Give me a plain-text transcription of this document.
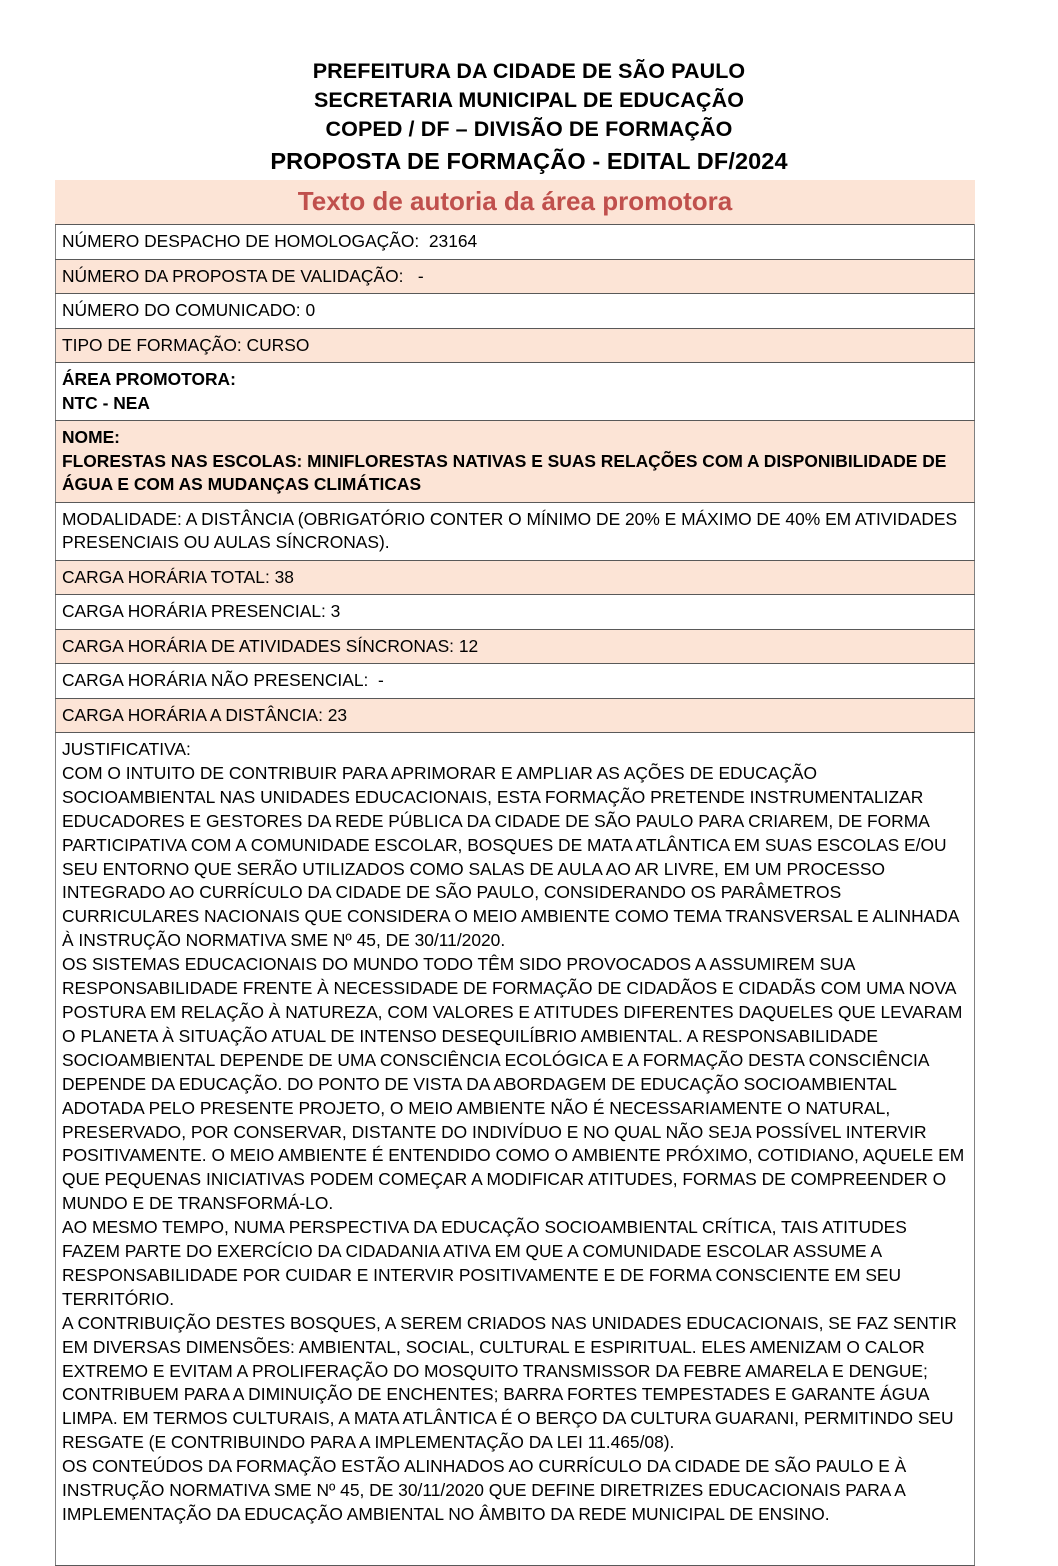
PREFEITURA DA CIDADE DE SÃO PAULO
SECRETARIA MUNICIPAL DE EDUCAÇÃO
COPED / DF – DIVISÃO DE FORMAÇÃO
PROPOSTA DE FORMAÇÃO - EDITAL DF/2024
Texto de autoria da área promotora
NÚMERO DESPACHO DE HOMOLOGAÇÃO:  23164

NÚMERO DA PROPOSTA DE VALIDAÇÃO:   -

NÚMERO DO COMUNICADO: 0

TIPO DE FORMAÇÃO: CURSO

ÁREA PROMOTORA:
NTC - NEA

NOME:
FLORESTAS NAS ESCOLAS: MINIFLORESTAS NATIVAS E SUAS RELAÇÕES COM A DISPONIBILIDADE DE ÁGUA E COM AS MUDANÇAS CLIMÁTICAS

MODALIDADE: A DISTÂNCIA (OBRIGATÓRIO CONTER O MÍNIMO DE 20% E MÁXIMO DE 40% EM ATIVIDADES PRESENCIAIS OU AULAS SÍNCRONAS).

CARGA HORÁRIA TOTAL: 38

CARGA HORÁRIA PRESENCIAL: 3

CARGA HORÁRIA DE ATIVIDADES SÍNCRONAS: 12

CARGA HORÁRIA NÃO PRESENCIAL:  -

CARGA HORÁRIA A DISTÂNCIA: 23

JUSTIFICATIVA:
COM O INTUITO DE CONTRIBUIR PARA APRIMORAR E AMPLIAR AS AÇÕES DE EDUCAÇÃO SOCIOAMBIENTAL NAS UNIDADES EDUCACIONAIS, ESTA FORMAÇÃO PRETENDE INSTRUMENTALIZAR EDUCADORES E GESTORES DA REDE PÚBLICA DA CIDADE DE SÃO PAULO PARA CRIAREM, DE FORMA PARTICIPATIVA COM A COMUNIDADE ESCOLAR, BOSQUES DE MATA ATLÂNTICA EM SUAS ESCOLAS E/OU SEU ENTORNO QUE SERÃO UTILIZADOS COMO SALAS DE AULA AO AR LIVRE, EM UM PROCESSO INTEGRADO AO CURRÍCULO DA CIDADE DE SÃO PAULO, CONSIDERANDO OS PARÂMETROS CURRICULARES NACIONAIS QUE CONSIDERA O MEIO AMBIENTE COMO TEMA TRANSVERSAL E ALINHADA À INSTRUÇÃO NORMATIVA SME Nº 45, DE 30/11/2020.
OS SISTEMAS EDUCACIONAIS DO MUNDO TODO TÊM SIDO PROVOCADOS A ASSUMIREM SUA RESPONSABILIDADE FRENTE À NECESSIDADE DE FORMAÇÃO DE CIDADÃOS E CIDADÃS COM UMA NOVA POSTURA EM RELAÇÃO À NATUREZA, COM VALORES E ATITUDES DIFERENTES DAQUELES QUE LEVARAM O PLANETA À SITUAÇÃO ATUAL DE INTENSO DESEQUILÍBRIO AMBIENTAL. A RESPONSABILIDADE SOCIOAMBIENTAL DEPENDE DE UMA CONSCIÊNCIA ECOLÓGICA E A FORMAÇÃO DESTA CONSCIÊNCIA DEPENDE DA EDUCAÇÃO. DO PONTO DE VISTA DA ABORDAGEM DE EDUCAÇÃO SOCIOAMBIENTAL ADOTADA PELO PRESENTE PROJETO, O MEIO AMBIENTE NÃO É NECESSARIAMENTE O NATURAL, PRESERVADO, POR CONSERVAR, DISTANTE DO INDIVÍDUO E NO QUAL NÃO SEJA POSSÍVEL INTERVIR POSITIVAMENTE. O MEIO AMBIENTE É ENTENDIDO COMO O AMBIENTE PRÓXIMO, COTIDIANO, AQUELE EM QUE PEQUENAS INICIATIVAS PODEM COMEÇAR A MODIFICAR ATITUDES, FORMAS DE COMPREENDER O MUNDO E DE TRANSFORMÁ-LO.
AO MESMO TEMPO, NUMA PERSPECTIVA DA EDUCAÇÃO SOCIOAMBIENTAL CRÍTICA, TAIS ATITUDES FAZEM PARTE DO EXERCÍCIO DA CIDADANIA ATIVA EM QUE A COMUNIDADE ESCOLAR ASSUME A RESPONSABILIDADE POR CUIDAR E INTERVIR POSITIVAMENTE E DE FORMA CONSCIENTE EM SEU TERRITÓRIO.
A CONTRIBUIÇÃO DESTES BOSQUES, A SEREM CRIADOS NAS UNIDADES EDUCACIONAIS, SE FAZ SENTIR EM DIVERSAS DIMENSÕES: AMBIENTAL, SOCIAL, CULTURAL E ESPIRITUAL. ELES AMENIZAM O CALOR EXTREMO E EVITAM A PROLIFERAÇÃO DO MOSQUITO TRANSMISSOR DA FEBRE AMARELA E DENGUE; CONTRIBUEM PARA A DIMINUIÇÃO DE ENCHENTES; BARRA FORTES TEMPESTADES E GARANTE ÁGUA LIMPA. EM TERMOS CULTURAIS, A MATA ATLÂNTICA É O BERÇO DA CULTURA GUARANI, PERMITINDO SEU RESGATE (E CONTRIBUINDO PARA A IMPLEMENTAÇÃO DA LEI 11.465/08).
OS CONTEÚDOS DA FORMAÇÃO ESTÃO ALINHADOS AO CURRÍCULO DA CIDADE DE SÃO PAULO E À INSTRUÇÃO NORMATIVA SME Nº 45, DE 30/11/2020 QUE DEFINE DIRETRIZES EDUCACIONAIS PARA A IMPLEMENTAÇÃO DA EDUCAÇÃO AMBIENTAL NO ÂMBITO DA REDE MUNICIPAL DE ENSINO.
